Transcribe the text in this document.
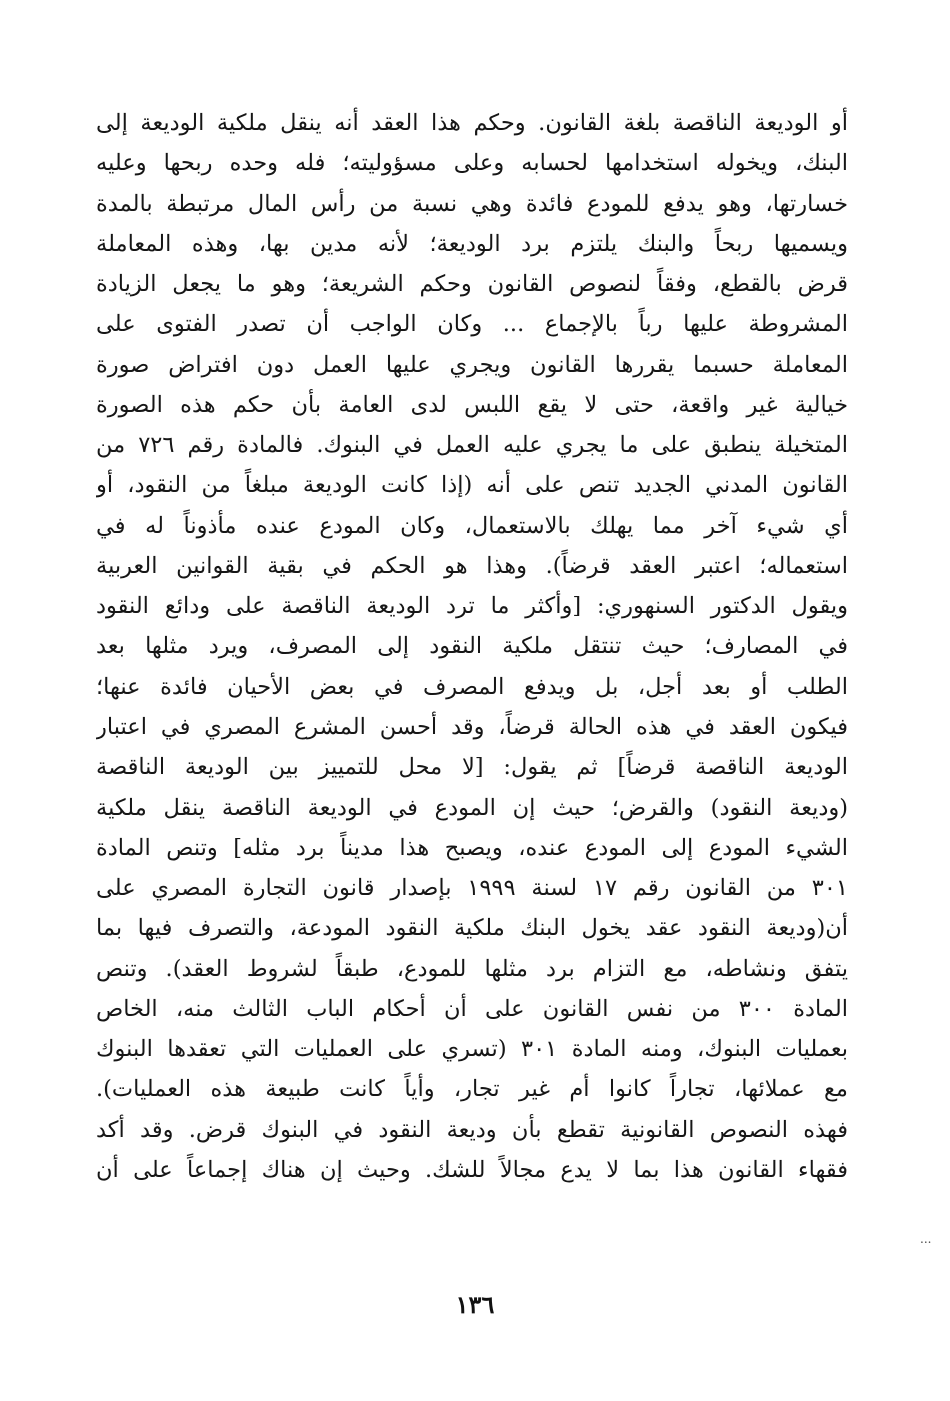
أو الوديعة الناقصة بلغة القانون. وحكم هذا العقد أنه ينقل ملكية الوديعة إلى
البنك، ويخوله استخدامها لحسابه وعلى مسؤوليته؛ فله وحده ربحها وعليه
خسارتها، وهو يدفع للمودع فائدة وهي نسبة من رأس المال مرتبطة بالمدة
ويسميها ربحاً والبنك يلتزم برد الوديعة؛ لأنه مدين بها، وهذه المعاملة
قرض بالقطع، وفقاً لنصوص القانون وحكم الشريعة؛ وهو ما يجعل الزيادة
المشروطة عليها رباً بالإجماع ... وكان الواجب أن تصدر الفتوى على
المعاملة حسبما يقررها القانون ويجري عليها العمل دون افتراض صورة
خيالية غير واقعة، حتى لا يقع اللبس لدى العامة بأن حكم هذه الصورة
المتخيلة ينطبق على ما يجري عليه العمل في البنوك. فالمادة رقم ٧٢٦ من
القانون المدني الجديد تنص على أنه (إذا كانت الوديعة مبلغاً من النقود، أو
أي شيء آخر مما يهلك بالاستعمال، وكان المودع عنده مأذوناً له في
استعماله؛ اعتبر العقد قرضاً). وهذا هو الحكم في بقية القوانين العربية
ويقول الدكتور السنهوري: [وأكثر ما ترد الوديعة الناقصة على ودائع النقود
في المصارف؛ حيث تنتقل ملكية النقود إلى المصرف، ويرد مثلها بعد
الطلب أو بعد أجل، بل ويدفع المصرف في بعض الأحيان فائدة عنها؛
فيكون العقد في هذه الحالة قرضاً، وقد أحسن المشرع المصري في اعتبار
الوديعة الناقصة قرضاً] ثم يقول: [لا محل للتمييز بين الوديعة الناقصة
(وديعة النقود) والقرض؛ حيث إن المودع في الوديعة الناقصة ينقل ملكية
الشيء المودع إلى المودع عنده، ويصبح هذا مديناً برد مثله] وتنص المادة
٣٠١ من القانون رقم ١٧ لسنة ١٩٩٩ بإصدار قانون التجارة المصري على
أن(وديعة النقود عقد يخول البنك ملكية النقود المودعة، والتصرف فيها بما
يتفق ونشاطه، مع التزام برد مثلها للمودع، طبقاً لشروط العقد). وتنص
المادة ٣٠٠ من نفس القانون على أن أحكام الباب الثالث منه، الخاص
بعمليات البنوك، ومنه المادة ٣٠١ (تسري على العمليات التي تعقدها البنوك
مع عملائها، تجاراً كانوا أم غير تجار، وأياً كانت طبيعة هذه العمليات).
فهذه النصوص القانونية تقطع بأن وديعة النقود في البنوك قرض. وقد أكد
فقهاء القانون هذا بما لا يدع مجالاً للشك. وحيث إن هناك إجماعاً على أن
...
١٣٦
